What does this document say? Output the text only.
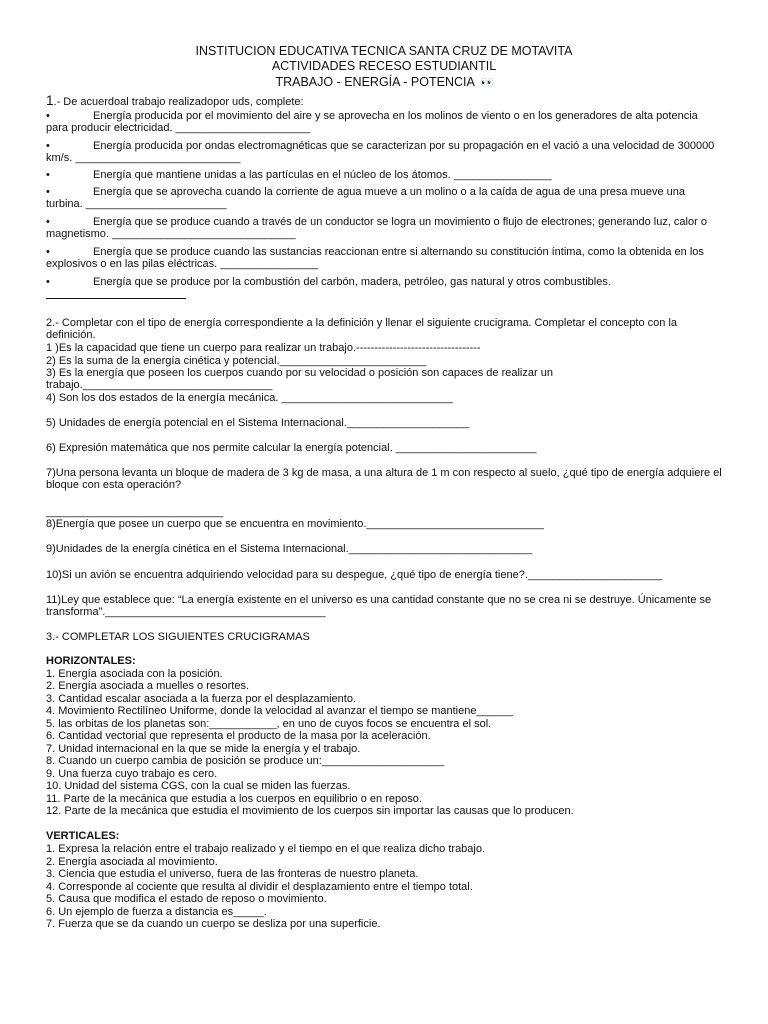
INSTITUCION EDUCATIVA TECNICA SANTA CRUZ DE MOTAVITA
ACTIVIDADES RECESO ESTUDIANTIL
TRABAJO - ENERGÍA - POTENCIA 👀
1.- De acuerdoal trabajo realizadopor uds, complete:
•	Energía producida por el movimiento del aire y se aprovecha en los molinos de viento o en los generadores de alta potencia para producir electricidad. ______________________
•	Energía producida por ondas electromagnéticas que se caracterizan por su propagación en el vació a una velocidad de 300000 km/s. ___________________________
•	Energía que mantiene unidas a las partículas en el núcleo de los átomos. ________________
•	Energía que se aprovecha cuando la corriente de agua mueve a un molino o a la caída de agua de una presa mueve una turbina. _______________________
•	Energía que se produce cuando a través de un conductor se logra un movimiento o flujo de electrones; generando luz, calor o magnetismo. ______________________________
•	Energía que se produce cuando las sustancias reaccionan entre si alternando su constitución íntima, como la obtenida en los explosivos o en las pilas eléctricas. ________________
•	Energía que se produce por la combustión del carbón, madera, petróleo, gas natural y otros combustibles.
2.- Completar con el tipo de energía correspondiente a la definición y llenar el siguiente crucigrama. Completar el concepto con la definición.
1 )Es la capacidad que tiene un cuerpo para realizar un trabajo.----------------------------------
2) Es la suma de la energía cinética y potencial.________________________
3) Es la energía que poseen los cuerpos cuando por su velocidad o posición son capaces de realizar un trabajo._______________________________
4) Son los dos estados de la energía mecánica. ____________________________
5) Unidades de energía potencial en el Sistema Internacional.____________________
6) Expresión matemática que nos permite calcular la energía potencial. _______________________
7)Una persona levanta un bloque de madera de 3 kg de masa, a una altura de 1 m con respecto al suelo, ¿qué tipo de energía adquiere el bloque con esta operación?
_____________________________
8)Energía que posee un cuerpo que se encuentra en movimiento._____________________________
9)Unidades de la energía cinética en el Sistema Internacional.______________________________
10)Si un avión se encuentra adquiriendo velocidad para su despegue, ¿qué tipo de energía tiene?.______________________
11)Ley que establece que: “La energía existente en el universo es una cantidad constante que no se crea ni se destruye. Únicamente se transforma”.____________________________________
3.- COMPLETAR LOS SIGUIENTES CRUCIGRAMAS
HORIZONTALES:
1. Energía asociada con la posición.
2. Energía asociada a muelles o resortes.
3. Cantidad escalar asociada a la fuerza por el desplazamiento.
4. Movimiento Rectilíneo Uniforme, donde la velocidad al avanzar el tiempo se mantiene______
5. las orbitas de los planetas son:___________, en uno de cuyos focos se encuentra el sol.
6. Cantidad vectorial que representa el producto de la masa por la aceleración.
7. Unidad internacional en la que se mide la energía y el trabajo.
8. Cuando un cuerpo cambia de posición se produce un:____________________
9. Una fuerza cuyo trabajo es cero.
10. Unidad del sistema CGS, con la cual se miden las fuerzas.
11. Parte de la mecánica que estudia a los cuerpos en equilibrio o en reposo.
12. Parte de la mecánica que estudia el movimiento de los cuerpos sin importar las causas que lo producen.
VERTICALES:
1. Expresa la relación entre el trabajo realizado y el tiempo en el que realiza dicho trabajo.
2. Energía asociada al movimiento.
3. Ciencia que estudia el universo, fuera de las fronteras de nuestro planeta.
4. Corresponde al cociente que resulta al dividir el desplazamiento entre el tiempo total.
5. Causa que modifica el estado de reposo o movimiento.
6. Un ejemplo de fuerza a distancia es_____.
7. Fuerza que se da cuando un cuerpo se desliza por una superficie.
